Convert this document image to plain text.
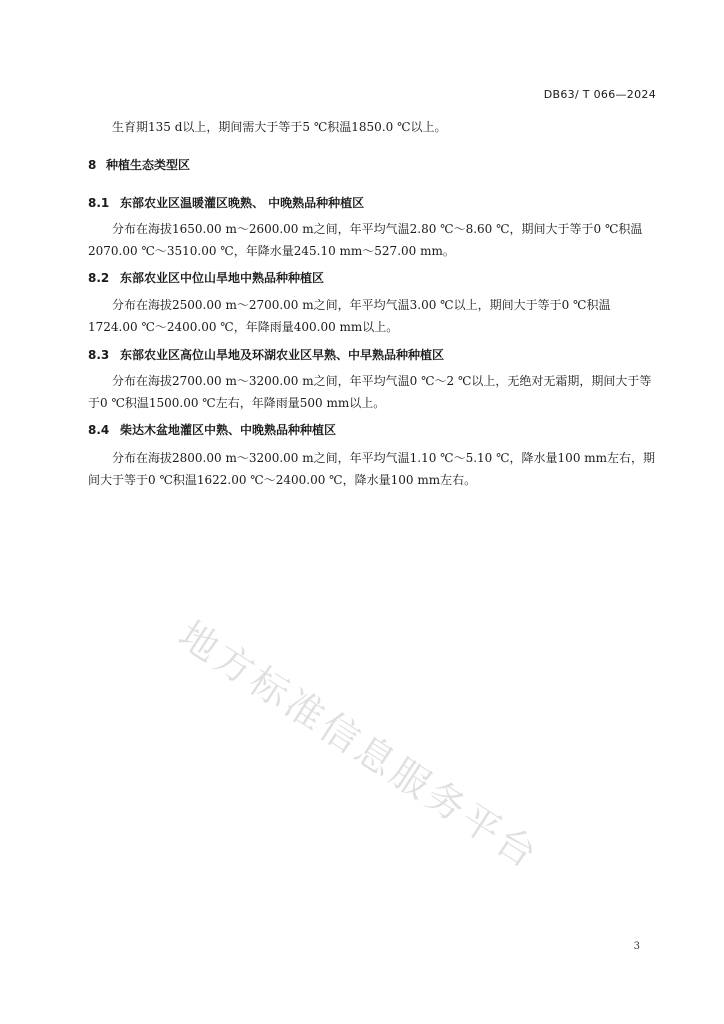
DB63/ T 066—2024

生育期135 d以上，期间需大于等于5 ℃积温1850.0 ℃以上。

8 种植生态类型区
8.1 东部农业区温暖灌区晚熟、 中晚熟品种种植区

分布在海拔1650.00 m～2600.00 m之间，年平均气温2.80 ℃～8.60 ℃，期间大于等于0 ℃积温2070.00 ℃～3510.00 ℃，年降水量245.10 mm～527.00 mm。

8.2 东部农业区中位山旱地中熟品种种植区

分布在海拔2500.00 m～2700.00 m之间，年平均气温3.00 ℃以上，期间大于等于0 ℃积温1724.00 ℃～2400.00 ℃，年降雨量400.00 mm以上。

8.3 东部农业区高位山旱地及环湖农业区早熟、中早熟品种种植区

分布在海拔2700.00 m～3200.00 m之间，年平均气温0 ℃～2 ℃以上，无绝对无霜期，期间大于等于0 ℃积温1500.00 ℃左右，年降雨量500 mm以上。

8.4 柴达木盆地灌区中熟、中晚熟品种种植区

分布在海拔2800.00 m～3200.00 m之间，年平均气温1.10 ℃～5.10 ℃，降水量100 mm左右，期间大于等于0 ℃积温1622.00 ℃～2400.00 ℃，降水量100 mm左右。

地方标准信息服务平台
3
